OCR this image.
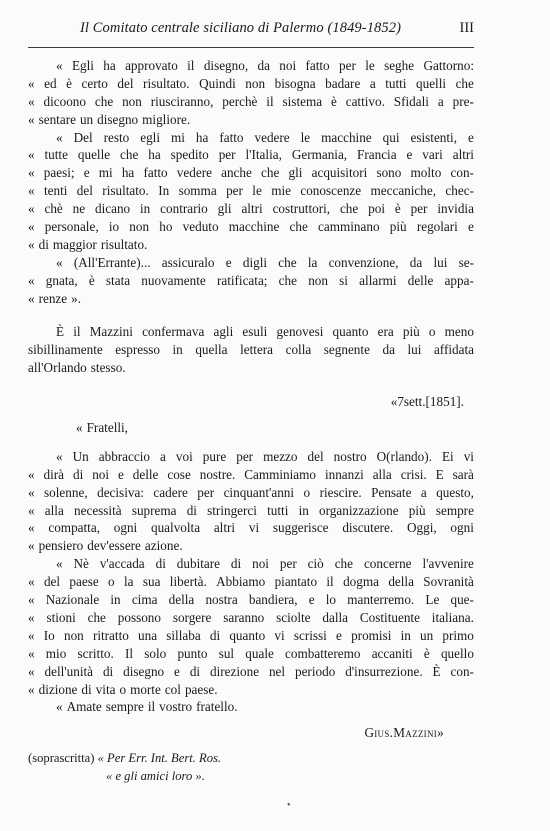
Il Comitato centrale siciliano di Palermo (1849-1852)	III
« Egli ha approvato il disegno, da noi fatto per le seghe Gattorno:
« ed è certo del risultato. Quindi non bisogna badare a tutti quelli che
« dicoono che non riusciranno, perchè il sistema è cattivo. Sfidali a pre-
« sentare un disegno migliore.
« Del resto egli mi ha fatto vedere le macchine qui esistenti, e
« tutte quelle che ha spedito per l'Italia, Germania, Francia e vari altri
« paesi; e mi ha fatto vedere anche che gli acquisitori sono molto con-
« tenti del risultato. In somma per le mie conoscenze meccaniche, chec-
« chè ne dicano in contrario gli altri costruttori, che poi è per invidia
« personale, io non ho veduto macchine che camminano più regolari e
« di maggior risultato.
« (All'Errante)... assicuralo e digli che la convenzione, da lui se-
« gnata, è stata nuovamente ratificata; che non si allarmi delle appa-
« renze ».
È il Mazzini confermava agli esuli genovesi quanto era più o meno
sibillinamente espresso in quella lettera colla segnente da lui affidata
all'Orlando stesso.
« 7 sett. [1851].
« Fratelli,
« Un abbraccio a voi pure per mezzo del nostro O(rlando). Ei vi
« dirà di noi e delle cose nostre. Camminiamo innanzi alla crisi. E sarà
« solenne, decisiva: cadere per cinquant'anni o riescire. Pensate a questo,
« alla necessità suprema di stringerci tutti in organizzazione più sempre
« compatta, ogni qualvolta altri vi suggerisce discutere. Oggi, ogni
« pensiero dev'essere azione.
« Nè v'accada di dubitare di noi per ciò che concerne l'avvenire
« del paese o la sua libertà. Abbiamo piantato il dogma della Sovranità
« Nazionale in cima della nostra bandiera, e lo manterremo. Le que-
« stioni che possono sorgere saranno sciolte dalla Costituente italiana.
« Io non ritratto una sillaba di quanto vi scrissi e promisi in un primo
« mio scritto. Il solo punto sul quale combatteremo accaniti è quello
« dell'unità di disegno e di direzione nel periodo d'insurrezione. È con-
« dizione di vita o morte col paese.
« Amate sempre il vostro fratello.
Gius. Mazzini »
(soprascritta) « Per Err. Int. Bert. Ros.
« e gli amici loro ».
•
